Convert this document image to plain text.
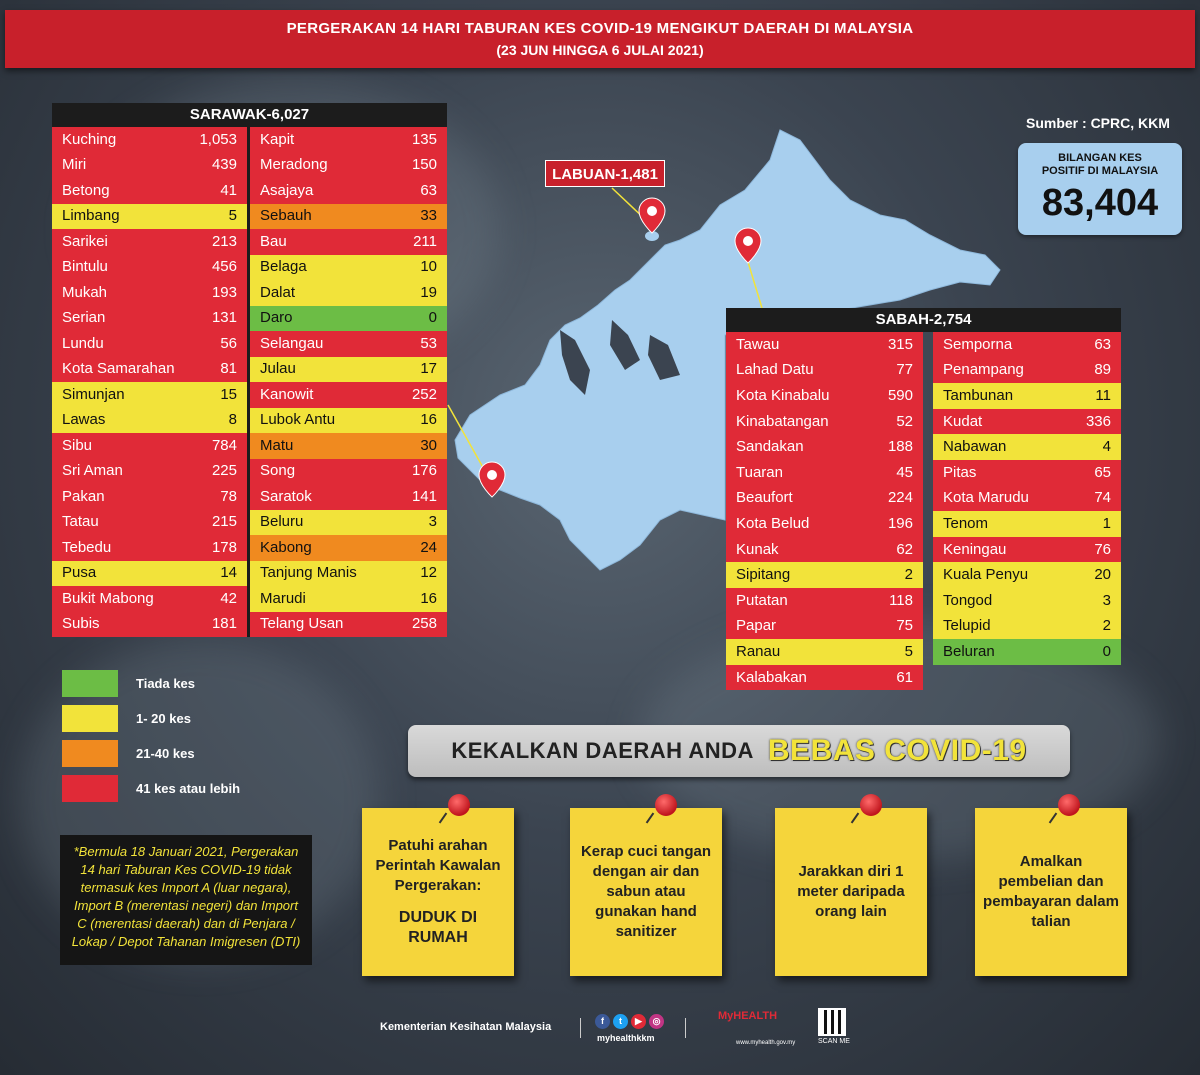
PERGERAKAN 14 HARI TABURAN KES COVID-19 MENGIKUT DAERAH DI MALAYSIA
(23 JUN HINGGA 6 JULAI 2021)
LABUAN-1,481
Sumber : CPRC, KKM
BILANGAN KES
POSITIF DI MALAYSIA
83,404
SARAWAK-6,027
Kuching	1,053
Miri	439
Betong	41
Limbang	5
Sarikei	213
Bintulu	456
Mukah	193
Serian	131
Lundu	56
Kota Samarahan	81
Simunjan	15
Lawas	8
Sibu	784
Sri Aman	225
Pakan	78
Tatau	215
Tebedu	178
Pusa	14
Bukit Mabong	42
Subis	181
Kapit	135
Meradong	150
Asajaya	63
Sebauh	33
Bau	211
Belaga	10
Dalat	19
Daro	0
Selangau	53
Julau	17
Kanowit	252
Lubok Antu	16
Matu	30
Song	176
Saratok	141
Beluru	3
Kabong	24
Tanjung Manis	12
Marudi	16
Telang Usan	258
SABAH-2,754
Tawau	315
Lahad Datu	77
Kota Kinabalu	590
Kinabatangan	52
Sandakan	188
Tuaran	45
Beaufort	224
Kota Belud	196
Kunak	62
Sipitang	2
Putatan	118
Papar	75
Ranau	5
Kalabakan	61
Semporna	63
Penampang	89
Tambunan	11
Kudat	336
Nabawan	4
Pitas	65
Kota Marudu	74
Tenom	1
Keningau	76
Kuala Penyu	20
Tongod	3
Telupid	2
Beluran	0
Tiada kes
1- 20 kes
21-40 kes
41 kes atau lebih
*Bermula 18 Januari 2021, Pergerakan 14 hari Taburan Kes COVID-19 tidak termasuk kes Import A (luar negara), Import B (merentasi negeri) dan Import C (merentasi daerah) dan di Penjara / Lokap / Depot Tahanan Imigresen (DTI)
KEKALKAN DAERAH ANDA BEBAS COVID-19
Patuhi arahan Perintah Kawalan Pergerakan:
DUDUK DI RUMAH
Kerap cuci tangan dengan air dan sabun atau gunakan hand sanitizer
Jarakkan diri 1 meter daripada orang lain
Amalkan pembelian dan pembayaran dalam talian
Kementerian Kesihatan Malaysia	f	t	▶	◎
myhealthkkm
MyHEALTH
www.myhealth.gov.my	SCAN ME
